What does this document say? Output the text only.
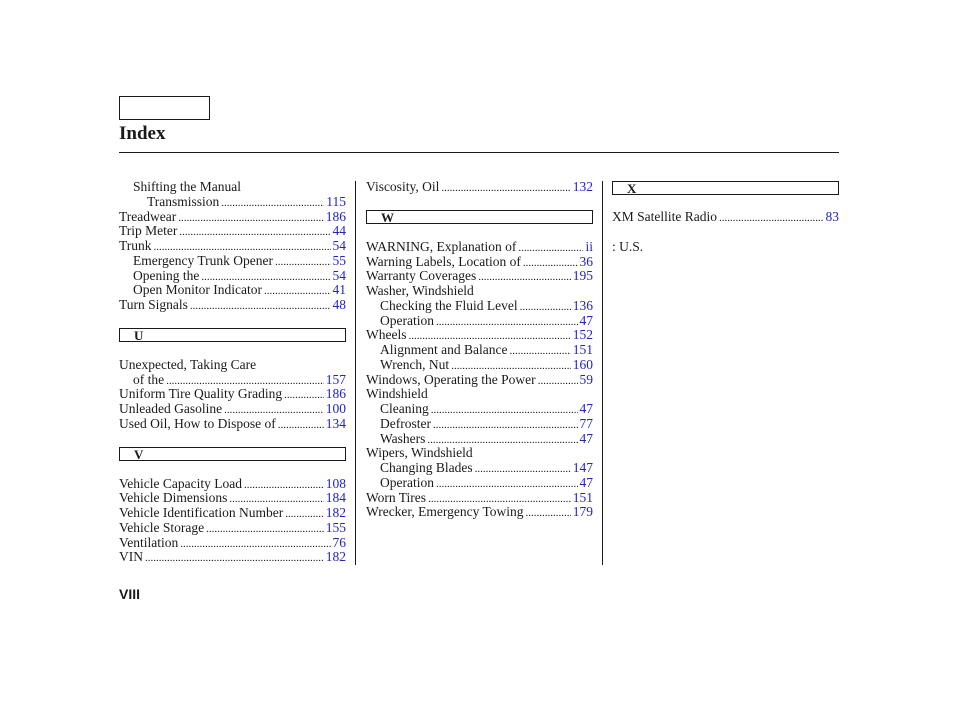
Index
Shifting the Manual
Transmission .....	115
Treadwear .....	186
Trip Meter .....	44
Trunk .....	54
Emergency Trunk Opener .....	55
Opening the .....	54
Open Monitor Indicator .....	41
Turn Signals .....	48
U
Unexpected, Taking Care
of the .....	157
Uniform Tire Quality Grading .....	186
Unleaded Gasoline .....	100
Used Oil, How to Dispose of .....	134
V
Vehicle Capacity Load .....	108
Vehicle Dimensions .....	184
Vehicle Identification Number .....	182
Vehicle Storage .....	155
Ventilation .....	76
VIN .....	182
Viscosity, Oil .....	132
W
WARNING, Explanation of .....	ii
Warning Labels, Location of .....	36
Warranty Coverages .....	195
Washer, Windshield
Checking the Fluid Level .....	136
Operation .....	47
Wheels .....	152
Alignment and Balance .....	151
Wrench, Nut .....	160
Windows, Operating the Power .....	59
Windshield
Cleaning .....	47
Defroster .....	77
Washers .....	47
Wipers, Windshield
Changing Blades .....	147
Operation .....	47
Worn Tires .....	151
Wrecker, Emergency Towing .....	179
X
XM Satellite Radio .....	83
: U.S.
VIII
